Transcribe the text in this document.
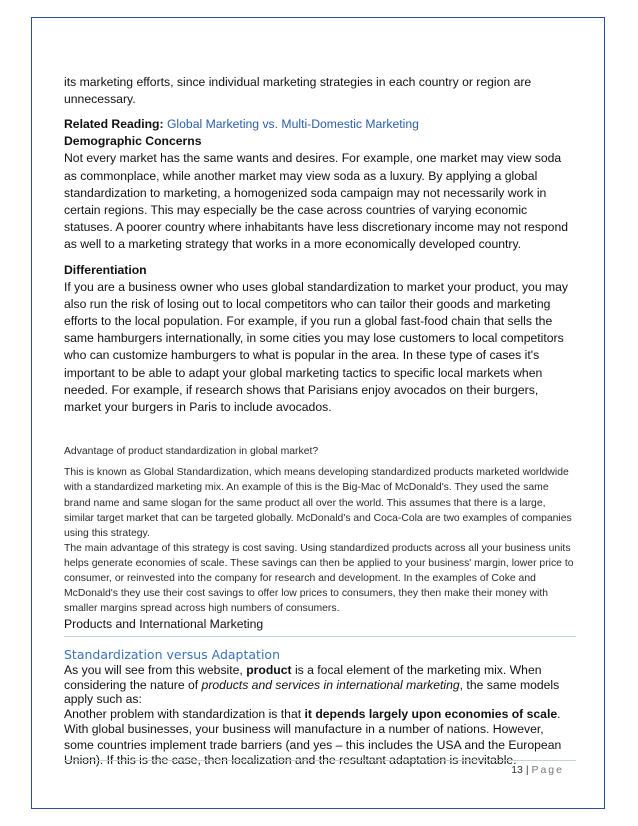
its marketing efforts, since individual marketing strategies in each country or region are unnecessary.

Related Reading: Global Marketing vs. Multi-Domestic Marketing

Demographic Concerns

Not every market has the same wants and desires. For example, one market may view soda as commonplace, while another market may view soda as a luxury. By applying a global standardization to marketing, a homogenized soda campaign may not necessarily work in certain regions. This may especially be the case across countries of varying economic statuses. A poorer country where inhabitants have less discretionary income may not respond as well to a marketing strategy that works in a more economically developed country.

Differentiation

If you are a business owner who uses global standardization to market your product, you may also run the risk of losing out to local competitors who can tailor their goods and marketing efforts to the local population. For example, if you run a global fast-food chain that sells the same hamburgers internationally, in some cities you may lose customers to local competitors who can customize hamburgers to what is popular in the area. In these type of cases it's important to be able to adapt your global marketing tactics to specific local markets when needed. For example, if research shows that Parisians enjoy avocados on their burgers, market your burgers in Paris to include avocados.

Advantage of product standardization in global market?

This is known as Global Standardization, which means developing standardized products marketed worldwide with a standardized marketing mix. An example of this is the Big-Mac of McDonald's. They used the same brand name and same slogan for the same product all over the world. This assumes that there is a large, similar target market that can be targeted globally. McDonald's and Coca-Cola are two examples of companies using this strategy.

The main advantage of this strategy is cost saving. Using standardized products across all your business units helps generate economies of scale. These savings can then be applied to your business' margin, lower price to consumer, or reinvested into the company for research and development. In the examples of Coke and McDonald's they use their cost savings to offer low prices to consumers, they then make their money with smaller margins spread across high numbers of consumers.

Products and International Marketing

Standardization versus Adaptation

As you will see from this website, product is a focal element of the marketing mix. When considering the nature of products and services in international marketing, the same models apply such as:

Another problem with standardization is that it depends largely upon economies of scale. With global businesses, your business will manufacture in a number of nations. However, some countries implement trade barriers (and yes – this includes the USA and the European Union). If this is the case, then localization and the resultant adaptation is inevitable.

13 | Page
